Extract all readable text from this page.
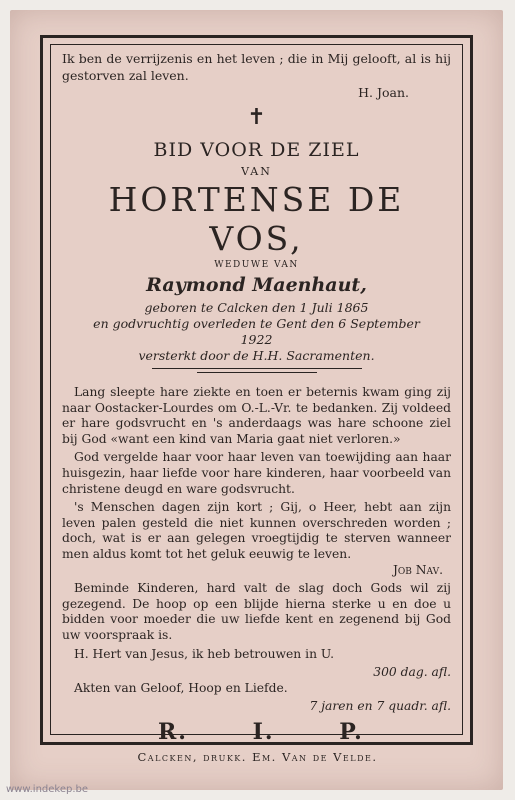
Ik ben de verrijzenis en het leven ; die in Mij gelooft, al is hij gestorven zal leven.
H. Joan.
✝
BID VOOR DE ZIEL
VAN
HORTENSE DE VOS,
WEDUWE VAN
Raymond Maenhaut,
geboren te Calcken den 1 Juli 1865
en godvruchtig overleden te Gent den 6 September
1922
versterkt door de H.H. Sacramenten.

Lang sleepte hare ziekte en toen er beternis kwam ging zij naar Oostacker-Lourdes om O.-L.-Vr. te bedanken. Zij voldeed er hare godsvrucht en 's anderdaags was hare schoone ziel bij God «want een kind van Maria gaat niet verloren.»

God vergelde haar voor haar leven van toewijding aan haar huisgezin, haar liefde voor hare kinderen, haar voorbeeld van christene deugd en ware godsvrucht.

's Menschen dagen zijn kort ; Gij, o Heer, hebt aan zijn leven palen gesteld die niet kunnen overschreden worden ; doch, wat is er aan gelegen vroegtijdig te sterven wanneer men aldus komt tot het geluk eeuwig te leven.
Job Nav.

Beminde Kinderen, hard valt de slag doch Gods wil zij gezegend. De hoop op een blijde hierna sterke u en doe u bidden voor moeder die uw liefde kent en zegenend bij God uw voorspraak is.

H. Hert van Jesus, ik heb betrouwen in U.

300 dag. afl.

Akten van Geloof, Hoop en Liefde.

7 jaren en 7 quadr. afl.
R.	I.	P.
Calcken, drukk. Em. Van de Velde.
www.indekep.be
